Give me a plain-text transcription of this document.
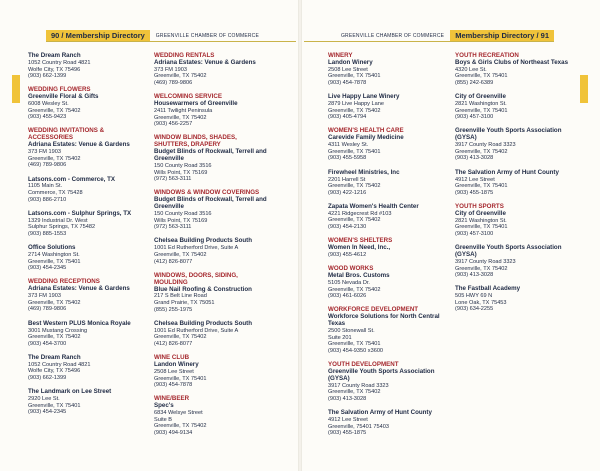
90 / Membership Directory	GREENVILLE CHAMBER OF COMMERCE	GREENVILLE CHAMBER OF COMMERCE	Membership Directory / 91
The Dream Ranch
1052 Country Road 4821
Wolfe City, TX 75496
(903) 662-1399
WEDDING FLOWERS
Greenville Floral & Gifts
6008 Wesley St.
Greenville, TX 75402
(903) 455-9423
WEDDING INVITATIONS & ACCESSORIES
Adriana Estates: Venue & Gardens
373 FM 1903
Greenville, TX 75402
(469) 789-9806
Latsons.com - Commerce, TX
1105 Main St.
Commerce, TX 75428
(903) 886-2710
Latsons.com - Sulphur Springs, TX
1329 Industrial Dr. West
Sulphur Springs, TX 75482
(903) 885-1553
Office Solutions
2714 Washington St.
Greenville, TX 75401
(903) 454-2345
WEDDING RECEPTIONS
Adriana Estates: Venue & Gardens
373 FM 1903
Greenville, TX 75402
(469) 789-9806
Best Western PLUS Monica Royale
3001 Mustang Crossing
Greenville, TX 75402
(903) 454-3700
The Dream Ranch
1052 Country Road 4821
Wolfe City, TX 75496
(903) 662-1399
The Landmark on Lee Street
2920 Lee St.
Greenville, TX 75401
(903) 454-2345
WEDDING RENTALS
Adriana Estates: Venue & Gardens
373 FM 1903
Greenville, TX 75402
(469) 789-9806
WELCOMING SERVICE
Housewarmers of Greenville
2411 Twilight Peninsula
Greenville, TX 75402
(903) 456-2257
WINDOW BLINDS, SHADES, SHUTTERS, DRAPERY
Budget Blinds of Rockwall, Terrell and Greenville
150 County Road 3516
Wills Point, TX 75169
(972) 563-3111
WINDOWS & WINDOW COVERINGS
Budget Blinds of Rockwall, Terrell and Greenville
150 County Road 3516
Wills Point, TX 75169
(972) 563-3111
Chelsea Building Products South
1001 Ed Rutherford Drive, Suite A
Greenville, TX 75402
(412) 826-8077
WINDOWS, DOORS, SIDING, MOULDING
Blue Nail Roofing & Construction
217 S Belt Line Road
Grand Prairie, TX 75051
(855) 255-1975
Chelsea Building Products South
1001 Ed Rutherford Drive, Suite A
Greenville, TX 75402
(412) 826-8077
WINE CLUB
Landon Winery
2508 Lee Street
Greenville, TX 75401
(903) 454-7878
WINE/BEER
Spec's
6834 Welsye Street
Suite B
Greenville, TX 75402
(903) 494-9134
WINERY
Landon Winery
2508 Lee Street
Greenville, TX 75401
(903) 454-7878
Live Happy Lane Winery
2879 Live Happy Lane
Greenville, TX 75402
(903) 405-4794
WOMEN'S HEALTH CARE
Carevide Family Medicine
4311 Wesley St.
Greenville, TX 75401
(903) 455-5958
Firewheel Ministries, Inc
2201 Harrell St
Greenville, TX 75402
(903) 422-1216
Zapata Women's Health Center
4221 Ridgecrest Rd #103
Greenville, TX 75402
(903) 454-2130
WOMEN'S SHELTERS
Women In Need, Inc.,
(903) 455-4612
WOOD WORKS
Metal Bros. Customs
5105 Nevada Dr.
Greenville, TX 75402
(903) 461-6026
WORKFORCE DEVELOPMENT
Workforce Solutions for North Central Texas
2500 Stonewall St.
Suite 201
Greenville, TX 75401
(903) 454-9350 x3600
YOUTH DEVELOPMENT
Greenville Youth Sports Association (GYSA)
3917 County Road 3323
Greenville, TX 75402
(903) 413-3028
The Salvation Army of Hunt County
4912 Lee Street
Greenville, 75401 75403
(903) 455-1875
YOUTH RECREATION
Boys & Girls Clubs of Northeast Texas
4320 Lee St.
Greenville, TX 75401
(855) 242-6389
City of Greenville
2821 Washington St.
Greenville, TX 75401
(903) 457-3100
Greenville Youth Sports Association (GYSA)
3917 County Road 3323
Greenville, TX 75402
(903) 413-3028
The Salvation Army of Hunt County
4912 Lee Street
Greenville, TX 75401
(903) 455-1875
YOUTH SPORTS
City of Greenville
2821 Washington St.
Greenville, TX 75401
(903) 457-3100
Greenville Youth Sports Association (GYSA)
3917 County Road 3323
Greenville, TX 75402
(903) 413-3028
The Fastball Academy
505 HWY 69 N
Lone Oak, TX 75453
(903) 634-2255
